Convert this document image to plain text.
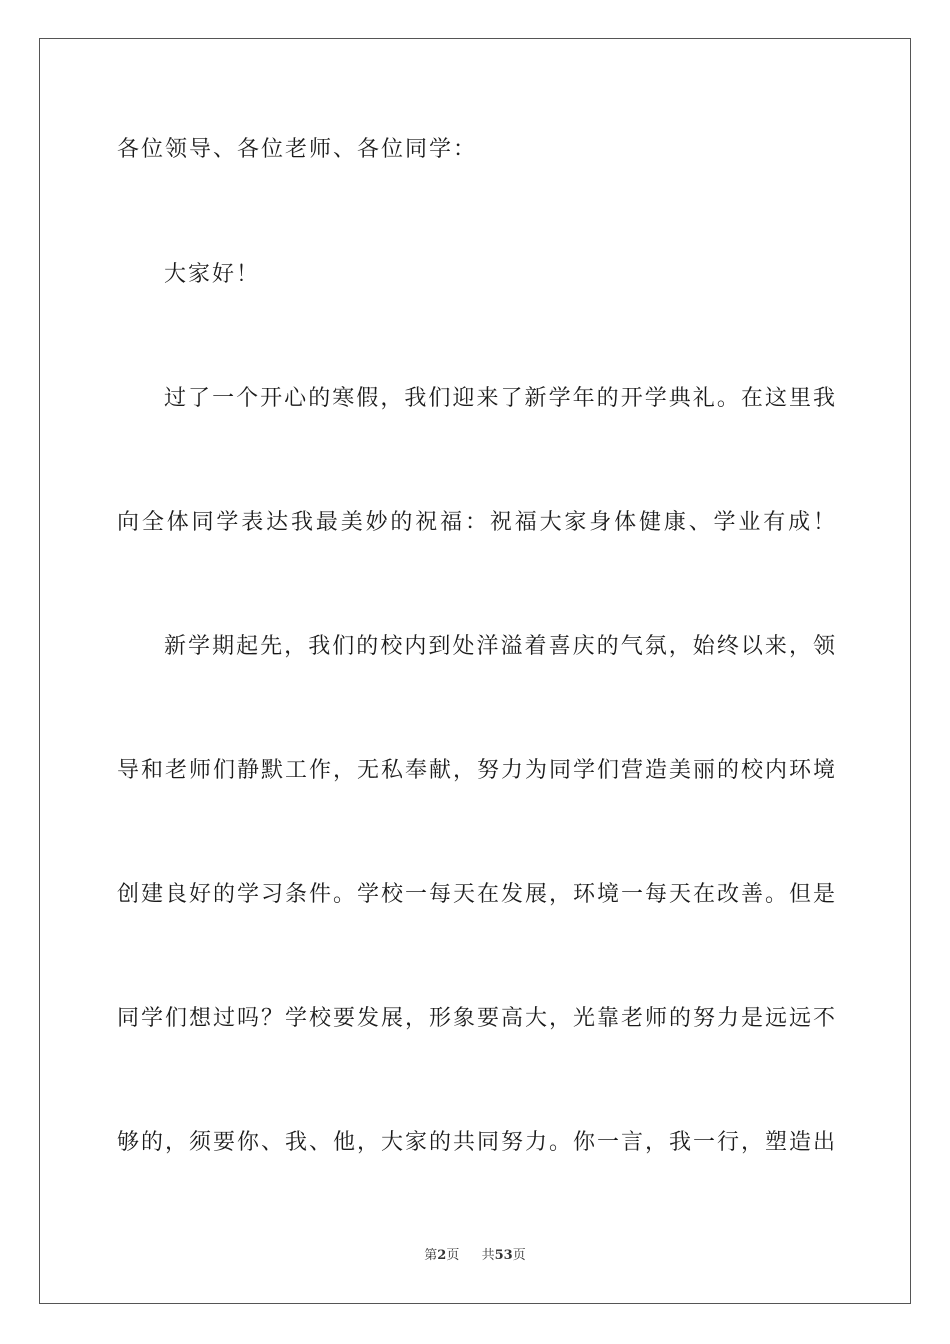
各位领导、各位老师、各位同学：
大家好！
过了一个开心的寒假，我们迎来了新学年的开学典礼。在这里我
向全体同学表达我最美妙的祝福：祝福大家身体健康、学业有成！
新学期起先，我们的校内到处洋溢着喜庆的气氛，始终以来，领
导和老师们静默工作，无私奉献，努力为同学们营造美丽的校内环境
创建良好的学习条件。学校一每天在发展，环境一每天在改善。但是
同学们想过吗？学校要发展，形象要高大，光靠老师的努力是远远不
够的，须要你、我、他，大家的共同努力。你一言，我一行，塑造出
第2页 共53页
